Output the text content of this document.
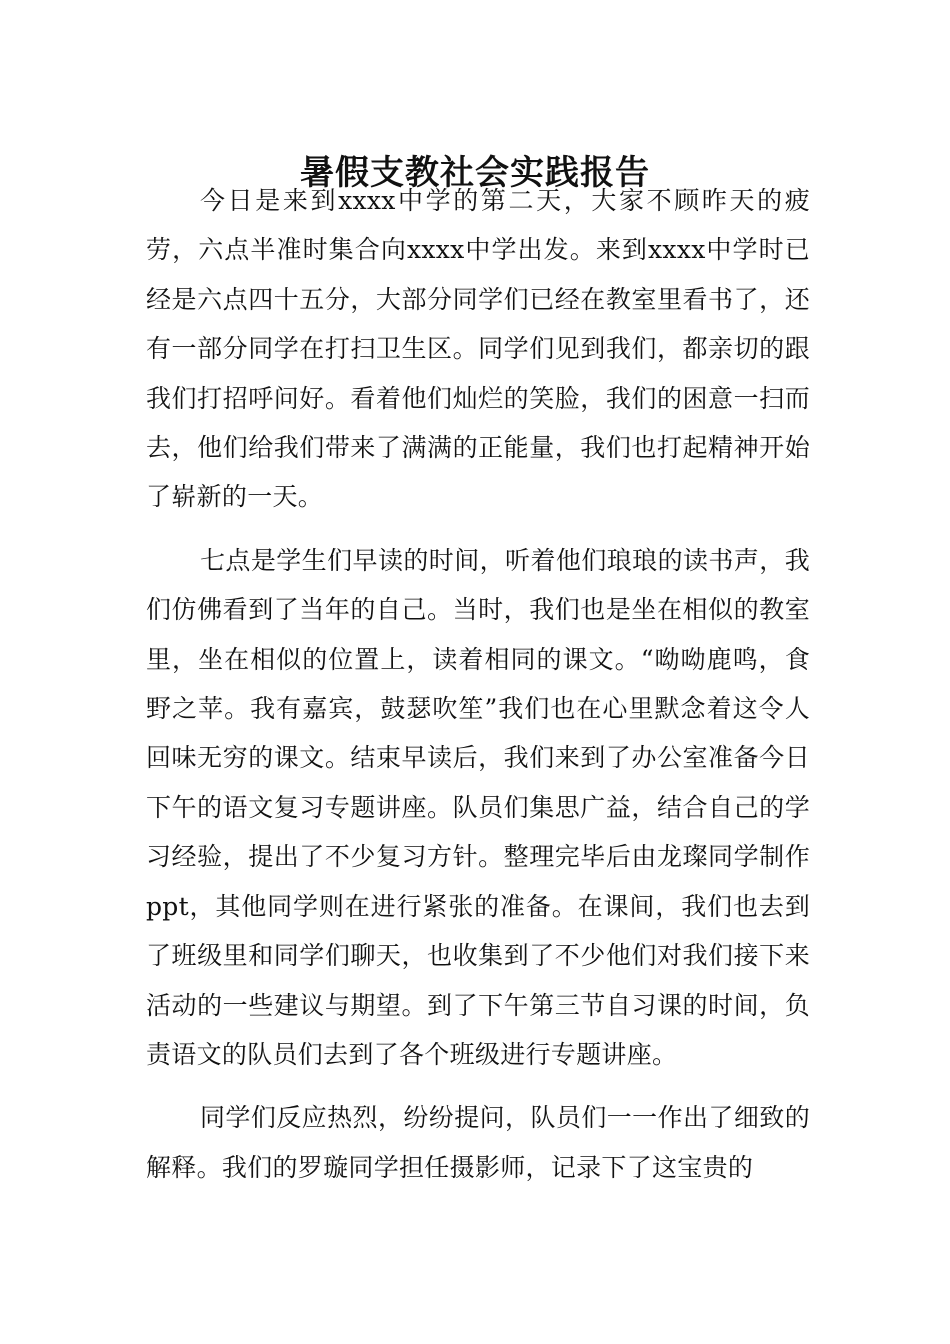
暑假支教社会实践报告

今日是来到xxxx中学的第二天，大家不顾昨天的疲劳，六点半准时集合向xxxx中学出发。来到xxxx中学时已经是六点四十五分，大部分同学们已经在教室里看书了，还有一部分同学在打扫卫生区。同学们见到我们，都亲切的跟我们打招呼问好。看着他们灿烂的笑脸，我们的困意一扫而去，他们给我们带来了满满的正能量，我们也打起精神开始了崭新的一天。

七点是学生们早读的时间，听着他们琅琅的读书声，我们仿佛看到了当年的自己。当时，我们也是坐在相似的教室里，坐在相似的位置上，读着相同的课文。“呦呦鹿鸣，食野之苹。我有嘉宾，鼓瑟吹笙”我们也在心里默念着这令人回味无穷的课文。结束早读后，我们来到了办公室准备今日下午的语文复习专题讲座。队员们集思广益，结合自己的学习经验，提出了不少复习方针。整理完毕后由龙璨同学制作ppt，其他同学则在进行紧张的准备。在课间，我们也去到了班级里和同学们聊天，也收集到了不少他们对我们接下来活动的一些建议与期望。到了下午第三节自习课的时间，负责语文的队员们去到了各个班级进行专题讲座。

同学们反应热烈，纷纷提问，队员们一一作出了细致的解释。我们的罗璇同学担任摄影师，记录下了这宝贵的
